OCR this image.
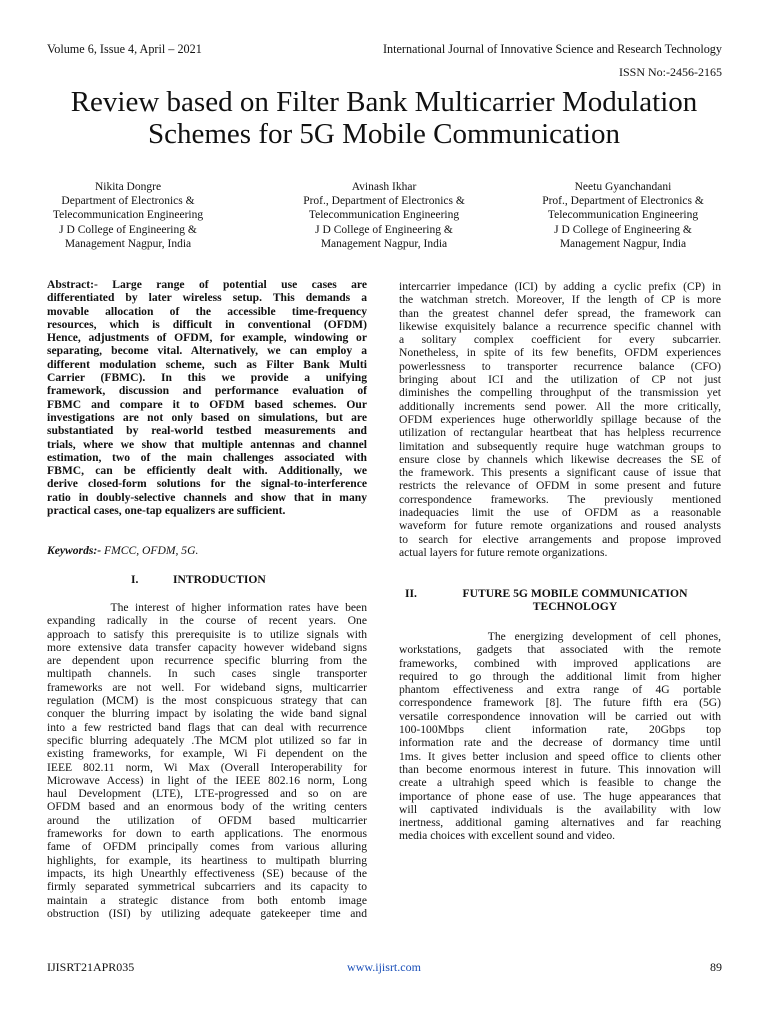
Volume 6, Issue 4, April – 2021	International Journal of Innovative Science and Research Technology
ISSN No:-2456-2165
Review based on Filter Bank Multicarrier Modulation
Schemes for 5G Mobile Communication
Nikita Dongre
Department of Electronics &
Telecommunication Engineering
J D College of Engineering &
Management Nagpur, India
Avinash Ikhar
Prof., Department of Electronics &
Telecommunication Engineering
J D College of Engineering &
Management Nagpur, India
Neetu Gyanchandani
Prof., Department of Electronics &
Telecommunication Engineering
J D College of Engineering &
Management Nagpur, India
Abstract:- Large range of potential use cases are
differentiated by later wireless setup. This demands a
movable allocation of the accessible time-frequency
resources, which is difficult in conventional (OFDM)
Hence, adjustments of OFDM, for example, windowing or
separating, become vital. Alternatively, we can employ a
different modulation scheme, such as Filter Bank Multi
Carrier (FBMC). In this we provide a unifying
framework, discussion and performance evaluation of
FBMC and compare it to OFDM based schemes. Our
investigations are not only based on simulations, but are
substantiated by real-world testbed measurements and
trials, where we show that multiple antennas and channel
estimation, two of the main challenges associated with
FBMC, can be efficiently dealt with. Additionally, we
derive closed-form solutions for the signal-to-interference
ratio in doubly-selective channels and show that in many
practical cases, one-tap equalizers are sufficient.
Keywords:- FMCC, OFDM, 5G.
I.	INTRODUCTION
The interest of higher information rates have been
expanding radically in the course of recent years. One
approach to satisfy this prerequisite is to utilize signals with
more extensive data transfer capacity however wideband signs
are dependent upon recurrence specific blurring from the
multipath channels. In such cases single transporter
frameworks are not well. For wideband signs, multicarrier
regulation (MCM) is the most conspicuous strategy that can
conquer the blurring impact by isolating the wide band signal
into a few restricted band flags that can deal with recurrence
specific blurring adequately .The MCM plot utilized so far in
existing frameworks, for example, Wi Fi dependent on the
IEEE 802.11 norm, Wi Max (Overall Interoperability for
Microwave Access) in light of the IEEE 802.16 norm, Long
haul Development (LTE), LTE-progressed and so on are
OFDM based and an enormous body of the writing centers
around the utilization of OFDM based multicarrier
frameworks for down to earth applications. The enormous
fame of OFDM principally comes from various alluring
highlights, for example, its heartiness to multipath blurring
impacts, its high Unearthly effectiveness (SE) because of the
firmly separated symmetrical subcarriers and its capacity to
maintain a strategic distance from both entomb image
obstruction (ISI) by utilizing adequate gatekeeper time and
intercarrier impedance (ICI) by adding a cyclic prefix (CP) in
the watchman stretch. Moreover, If the length of CP is more
than the greatest channel defer spread, the framework can
likewise exquisitely balance a recurrence specific channel with
a solitary complex coefficient for every subcarrier.
Nonetheless, in spite of its few benefits, OFDM experiences
powerlessness to transporter recurrence balance (CFO)
bringing about ICI and the utilization of CP not just
diminishes the compelling throughput of the transmission yet
additionally increments send power. All the more critically,
OFDM experiences huge otherworldly spillage because of the
utilization of rectangular heartbeat that has helpless recurrence
limitation and subsequently require huge watchman groups to
ensure close by channels which likewise decreases the SE of
the framework. This presents a significant cause of issue that
restricts the relevance of OFDM in some present and future
correspondence frameworks. The previously mentioned
inadequacies limit the use of OFDM as a reasonable
waveform for future remote organizations and roused analysts
to search for elective arrangements and propose improved
actual layers for future remote organizations.
II.	FUTURE 5G MOBILE COMMUNICATION
TECHNOLOGY
The energizing development of cell phones,
workstations, gadgets that associated with the remote
frameworks, combined with improved applications are
required to go through the additional limit from higher
phantom effectiveness and extra range of 4G portable
correspondence framework [8]. The future fifth era (5G)
versatile correspondence innovation will be carried out with
100-100Mbps client information rate, 20Gbps top
information rate and the decrease of dormancy time until
1ms. It gives better inclusion and speed office to clients other
than become enormous interest in future. This innovation will
create a ultrahigh speed which is feasible to change the
importance of phone ease of use. The huge appearances that
will captivated individuals is the availability with low
inertness, additional gaming alternatives and far reaching
media choices with excellent sound and video.
IJISRT21APR035	www.ijisrt.com	89
